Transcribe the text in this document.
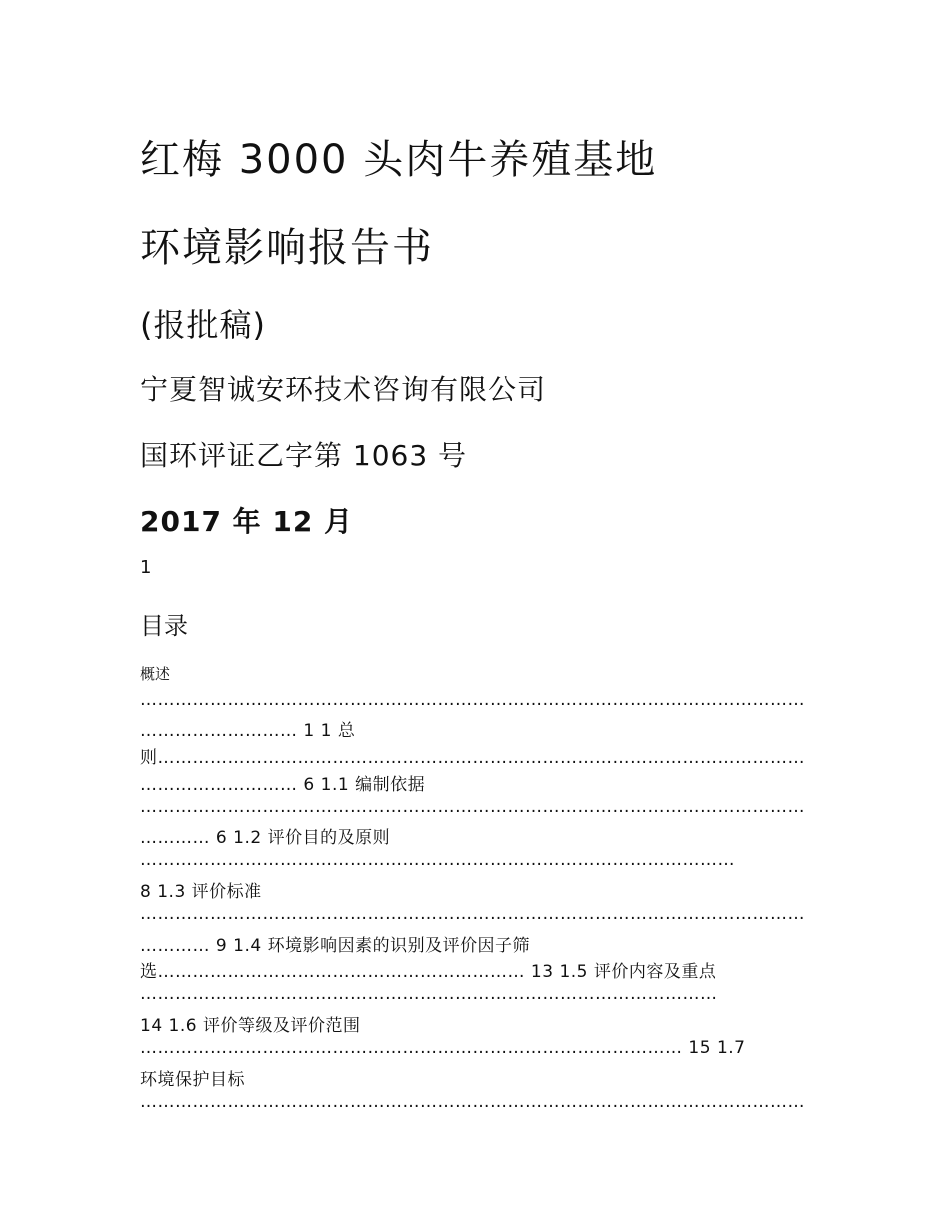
红梅 3000 头肉牛养殖基地
环境影响报告书
(报批稿)
宁夏智诚安环技术咨询有限公司
国环评证乙字第 1063 号
2017 年 12 月
1
目录
概述
……………………………………………………………………………………………………
……………………… 1 1 总
则…………………………………………………………………………………………………
……………………… 6 1.1 编制依据
……………………………………………………………………………………………………
………… 6 1.2 评价目的及原则
…………………………………………………………………………………………
8 1.3 评价标准
……………………………………………………………………………………………………
………… 9 1.4 环境影响因素的识别及评价因子筛
选……………………………………………………… 13 1.5 评价内容及重点
………………………………………………………………………………………
14 1.6 评价等级及评价范围
………………………………………………………………………………… 15 1.7
环境保护目标
……………………………………………………………………………………………………
